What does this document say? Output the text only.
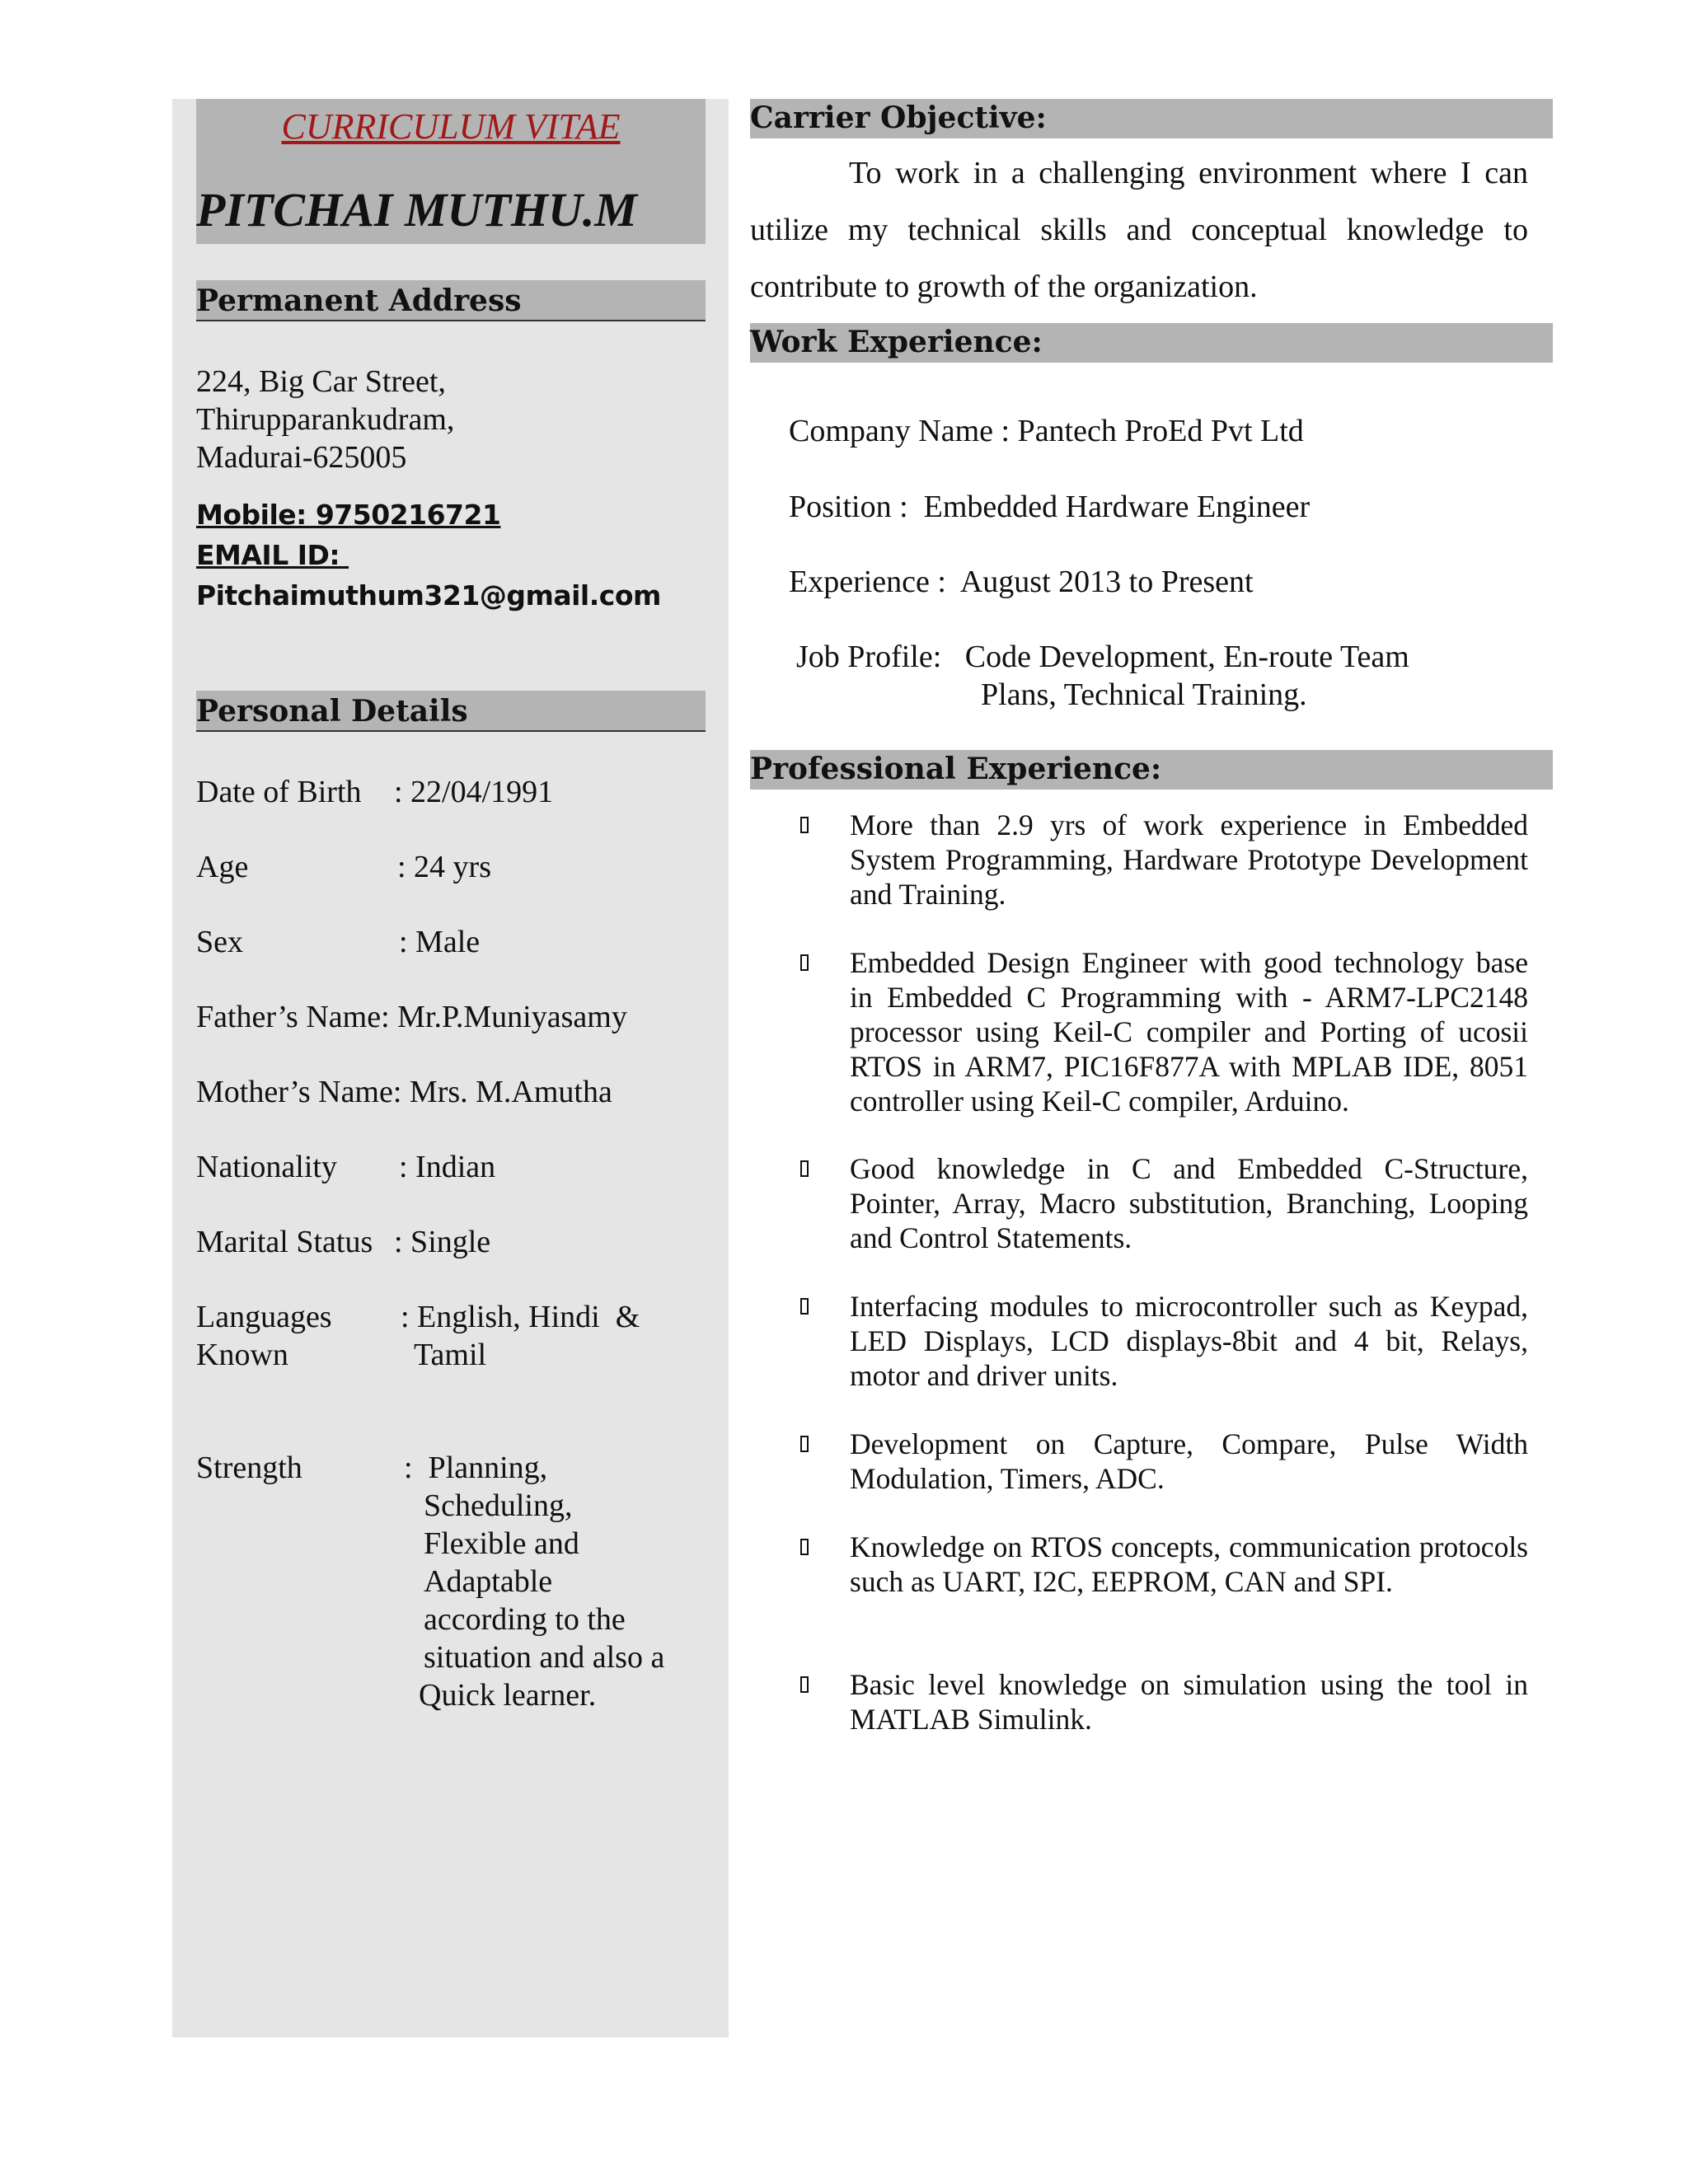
CURRICULUM VITAE
PITCHAI MUTHU.M
Permanent Address
224, Big Car Street,
Thirupparankudram,
Madurai-625005
Mobile: 9750216721
EMAIL ID:
Pitchaimuthum321@gmail.com
Personal Details
Date of Birth : 22/04/1991
Age	: 24 yrs
Sex	: Male
Father’s Name: Mr.P.Muniyasamy
Mother’s Name: Mrs. M.Amutha
Nationality : Indian
Marital Status : Single
Languages
Known
: English, Hindi  &
Tamil
Strength	:  Planning,
Scheduling,
Flexible and
Adaptable
according to the
situation and also a
Quick learner.
Carrier Objective:
To work in a challenging environment where I can utilize my technical skills and conceptual knowledge to contribute to growth of the organization.
Work Experience:
Company Name : Pantech ProEd Pvt Ltd
Position :  Embedded Hardware Engineer
Experience :  August 2013 to Present
Job Profile:   Code Development, En-route Team
Plans, Technical Training.
Professional Experience:
More than 2.9 yrs of work experience in Embedded System Programming, Hardware Prototype Development and Training.
Embedded Design Engineer with good technology base in Embedded C Programming with - ARM7-LPC2148 processor using Keil-C compiler and Porting of ucosii RTOS in ARM7, PIC16F877A with MPLAB IDE, 8051 controller using Keil-C compiler, Arduino.
Good knowledge in C and Embedded C-Structure, Pointer, Array, Macro substitution, Branching, Looping and Control Statements.
Interfacing modules to microcontroller such as Keypad, LED Displays, LCD displays-8bit and 4 bit, Relays, motor and driver units.
Development on Capture, Compare, Pulse Width Modulation, Timers, ADC.
Knowledge on RTOS concepts, communication protocols such as UART, I2C, EEPROM, CAN and SPI.
Basic level knowledge on simulation using the tool in MATLAB Simulink.
